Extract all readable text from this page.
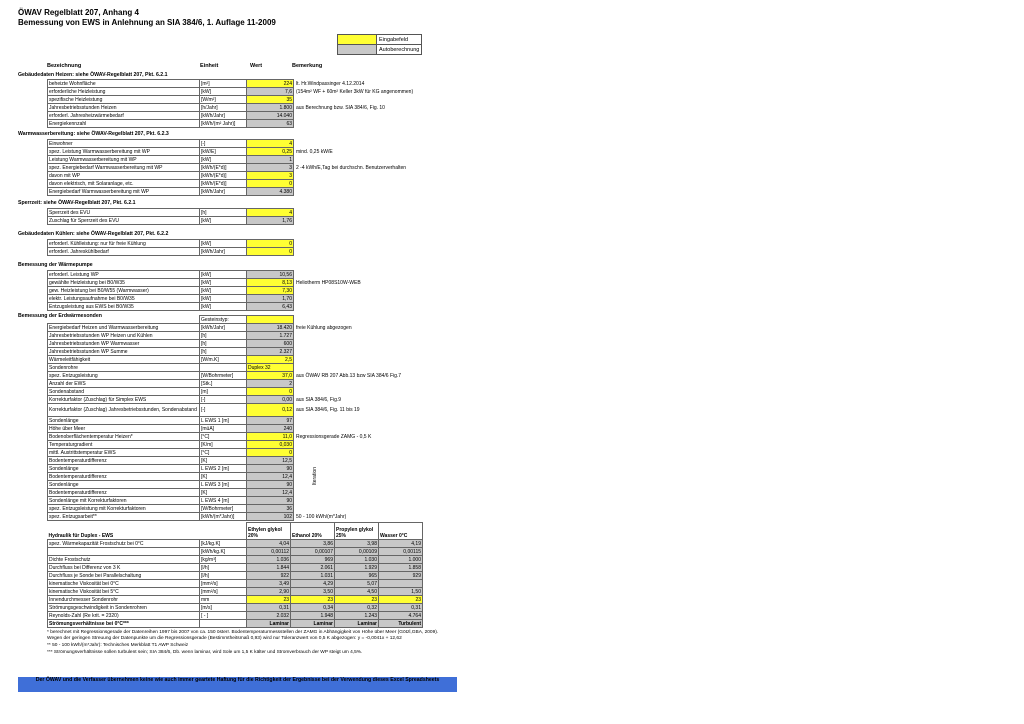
ÖWAV Regelblatt 207, Anhang 4
Bemessung von EWS in Anlehnung an SIA 384/6, 1. Auflage 11-2009
	Eingabefeld
	Autoberechnung
Bezeichnung	Einheit	Wert	Bemerkung
Gebäudedaten Heizen: siehe ÖWAV-Regelblatt 207, Pkt. 6.2.1
beheizte Wohnfläche	[m²]	224	lt. Hr.Windpassinger 4.12.2014
erforderliche Heizleistung	[kW]	7,6	(154m² WF + 60m² Keller 3kW für KG angenommen)
spezifische Heizleistung	[W/m²]	35	
Jahresbetriebsstunden Heizen	[h/Jahr]	1.800	aus Berechnung bzw. SIA 384/6, Fig. 10
erforderl. Jahresheizwärmebedarf	[kWh/Jahr]	14.040	
Energiekennzahl	[kWh/(m² Jahr)]	63	
Warmwasserbereitung: siehe ÖWAV-Regelblatt 207, Pkt. 6.2.3
Einwohner	[-]	4	
spez. Leistung Warmwasserbereitung mit WP	[kW/E]	0,25	mind. 0,25 kW/E
Leistung Warmwasserbereitung mit WP	[kW]	1	
spez. Energiebedarf Warmwasserbereitung mit WP	[kWh/(E*d)]	3	2 -4 kWh/E,Tag bei durchschn. Benutzerverhalten
davon mit WP	[kWh/(E*d)]	3	
davon elektrisch, mit Solaranlage, etc.	[kWh/(E*d)]	0	
Energiebedarf Warmwasserbereitung mit WP	[kWh/Jahr]	4.380	
Sperrzeit: siehe ÖWAV-Regelblatt 207, Pkt. 6.2.1
Sperrzeit des EVU	[h]	4	
Zuschlag für Sperrzeit des EVU	[kW]	1,76	
Gebäudedaten Kühlen: siehe ÖWAV-Regelblatt 207, Pkt. 6.2.2
erforderl. Kühlleistung: nur für freie Kühlung	[kW]	0	
erforderl. Jahreskühlbedarf	[kWh/Jahr]	0	
Bemessung der Wärmepumpe
erforderl. Leistung WP	[kW]	10,56	
gewählte Heizleistung bei B0/W35	[kW]	8,13	Heliotherm HP08S10W-WEB
gew. Heizleistung bei B0/W55 (Warmwasser)	[kW]	7,30	
elektr. Leistungsaufnahme bei B0/W35	[kW]	1,70	
Entzugsleistung aus EWS bei B0/W35	[kW]	6,43	
Bemessung der Erdwärmesonden
	Gesteinstyp:		
Energiebedarf Heizen und Warmwasserbereitung	[kWh/Jahr]	18.420	freie Kühlung abgezogen
Jahresbetriebsstunden WP Heizen und Kühlen	[h]	1.727	
Jahresbetriebsstunden WP Warmwasser	[h]	600	
Jahresbetriebsstunden WP Summe	[h]	2.327	
Wärmeleitfähigkeit	[W/m.K]	2,5	
Sondenrohre		Duplex 32	
spez. Entzugsleistung	[W/Bohrmeter]	37,0	aus ÖWAV RB 207 Abb.13 bzw SIA 384/6 Fig.7
Anzahl der EWS	[Stk.]	2	
Sondenabstand	[m]	0	
Korrekturfaktor (Zuschlag) für Simplex EWS	[-]	0,00	aus SIA 384/6, Fig.9
Korrekturfaktor (Zuschlag) Jahresbetriebsstunden, Sondenabstand	[-]	0,12	aus SIA 384/6, Fig. 11 bis 19
Sondenlänge	L EWS 1 [m]	97	
Höhe über Meer	[müA]	240	
Bodenoberflächentemperatur Heizen*	[°C]	11,0	Regressionsgerade ZAMG - 0,5 K
Temperaturgradient	[K/m]	0,030	
mittl. Austrittstemperatur EWS	[°C]	0	
Bodentemperaturdifferenz	[K]	12,5	
Sondenlänge	L EWS 2 [m]	90	
Bodentemperaturdifferenz	[K]	12,4	
Sondenlänge	L EWS 3 [m]	90	
Bodentemperaturdifferenz	[K]	12,4	
Sondenlänge mit Korrekturfaktoren	L EWS 4 [m]	90	
spez. Entzugsleistung mit Korrekturfaktoren	[W/Bohrmeter]	36	
spez. Entzugsarbeit**	[kWh/(m*Jahr)]	102	50 - 100 kWh/(m*Jahr)
Iteration
Hydraulik für Duplex - EWS		Ethylen glykol 20%	Ethanol 20%	Propylen glykol 25%	Wasser 0°C
spez. Wärmekapazität Frostschutz bei 0°C	[kJ/kg.K]	4,04	3,86	3,98	4,19
	[kWh/kg.K]	0,00112	0,00107	0,00109	0,00115
Dichte Frostschutz	[kg/m³]	1.036	969	1.030	1.000
Durchfluss bei Differenz von 3 K	[l/h]	1.844	2.061	1.929	1.858
Durchfluss je Sonde bei Parallelschaltung	[l/h]	922	1.031	965	929
kinematische Viskosität bei 0°C	[mm²/s]	3,49	4,29	5,07	
kinematische Viskosität bei 5°C	[mm²/s]	2,90	3,50	4,50	1,50
Innendurchmesser Sondenrohr	mm	23	23	23	23
Strömungsgeschwindigkeit in Sondenrohren	[m/s]	0,31	0,34	0,32	0,31
Reynolds-Zahl (Re krit. = 2320)	[ - ]	2.032	1.948	1.243	4.764
Strömungsverhältnisse bei 0°C***		Laminar	Laminar	Laminar	Turbulent

* berechnet mit Regressionsgerade der Datenreihen 1997 bis 2007 von ca. 150 österr. Bodentemperaturmessstellen der ZAMG in Abhängigkeit von Höhe über Meer (Götzl,GBA, 2009). Wegen der geringen Streuung der Datenpunkte um die Regressionsgerade (Bestimmtheitsmaß 0,93) wird nur Toleranzwert von 0,5 K abgezogen: y = -0,0041x + 12,62

** 50 - 100 kWh/(m*Jahr): Technisches Merkblatt T1 AWP Schweiz

*** Strömungsverhältnisse sollen turbulent sein; SIA 384/6, Db. wenn laminar, wird Sole um 1,5 K kälter und Stromverbrauch der WP steigt um 4,5%.

Der ÖWAV und die Verfasser übernehmen keine wie auch immer geartete Haftung für die Richtigkeit der Ergebnisse bei der Verwendung dieses Excel Spreadsheets
